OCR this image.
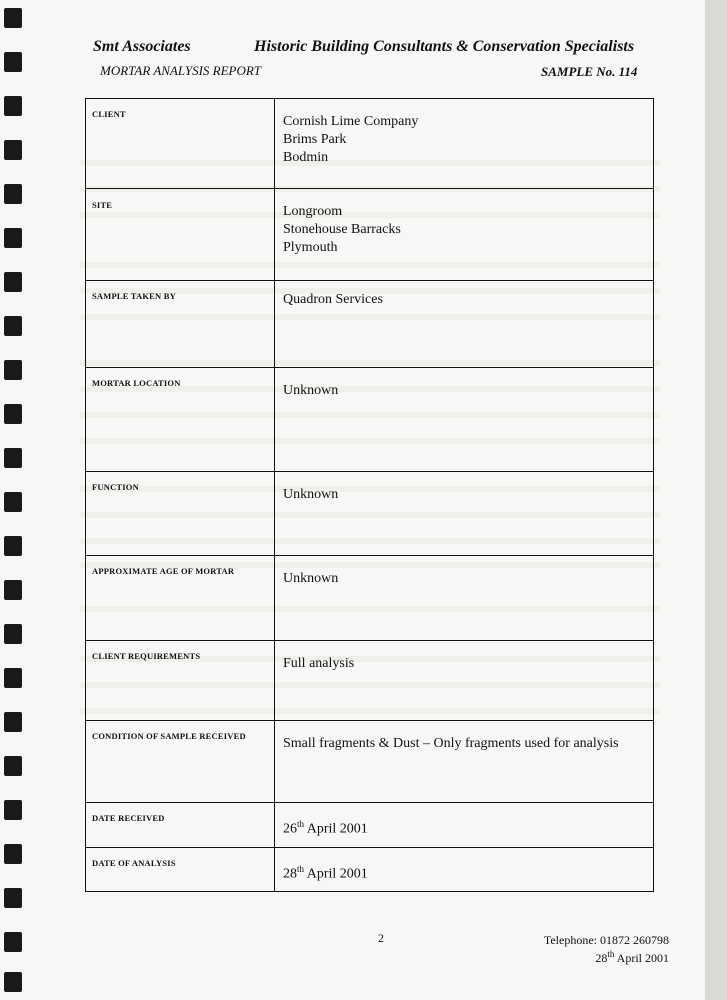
Smt Associates	Historic Building Consultants & Conservation Specialists
MORTAR ANALYSIS REPORT	SAMPLE No. 114
CLIENT	Cornish Lime Company
Brims Park
Bodmin

SITE	Longroom
Stonehouse Barracks
Plymouth

SAMPLE TAKEN BY	Quadron Services
MORTAR LOCATION	Unknown
FUNCTION	Unknown
APPROXIMATE AGE OF MORTAR	Unknown
CLIENT REQUIREMENTS	Full analysis
CONDITION OF SAMPLE RECEIVED	Small fragments & Dust – Only fragments used for analysis
DATE RECEIVED	26th April 2001
DATE OF ANALYSIS	28th April 2001
2	Telephone: 01872 260798
28th April 2001
